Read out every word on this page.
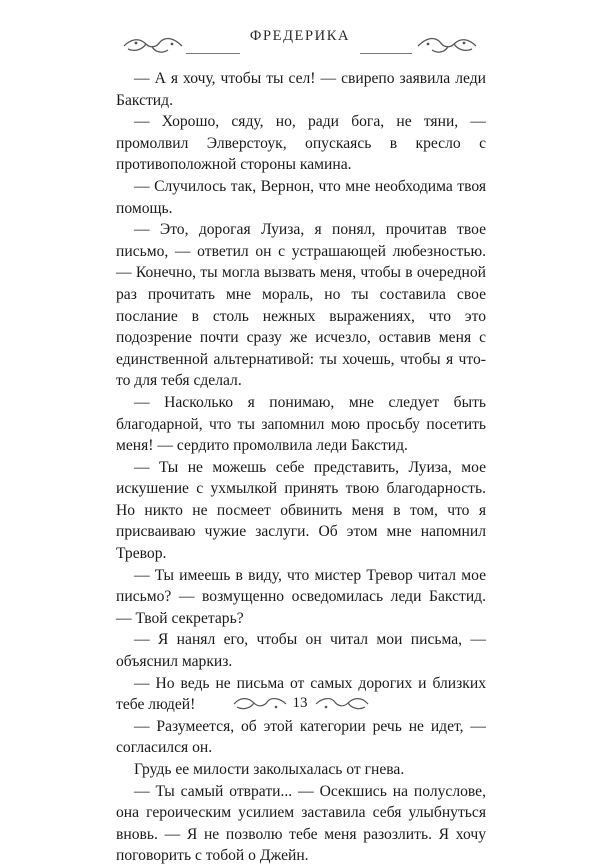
ФРЕДЕРИКА

— А я хочу, чтобы ты сел! — свирепо заявила леди Бакстид.

— Хорошо, сяду, но, ради бога, не тяни, — промолвил Элверстоук, опускаясь в кресло с противоположной стороны камина.

— Случилось так, Вернон, что мне необходима твоя помощь.

— Это, дорогая Луиза, я понял, прочитав твое письмо, — ответил он с устрашающей любезностью. — Конечно, ты могла вызвать меня, чтобы в очередной раз прочитать мне мораль, но ты составила свое послание в столь нежных выражениях, что это подозрение почти сразу же исчезло, оставив меня с единственной альтернативой: ты хочешь, чтобы я что-то для тебя сделал.

— Насколько я понимаю, мне следует быть благодарной, что ты запомнил мою просьбу посетить меня! — сердито промолвила леди Бакстид.

— Ты не можешь себе представить, Луиза, мое искушение с ухмылкой принять твою благодарность. Но никто не посмеет обвинить меня в том, что я присваиваю чужие заслуги. Об этом мне напомнил Тревор.

— Ты имеешь в виду, что мистер Тревор читал мое письмо? — возмущенно осведомилась леди Бакстид. — Твой секретарь?

— Я нанял его, чтобы он читал мои письма, — объяснил маркиз.

— Но ведь не письма от самых дорогих и близких тебе людей!

— Разумеется, об этой категории речь не идет, — согласился он.

Грудь ее милости заколыхалась от гнева.

— Ты самый отврати... — Осекшись на полуслове, она героическим усилием заставила себя улыбнуться вновь. — Я не позволю тебе меня разозлить. Я хочу поговорить с тобой о Джейн.

13
